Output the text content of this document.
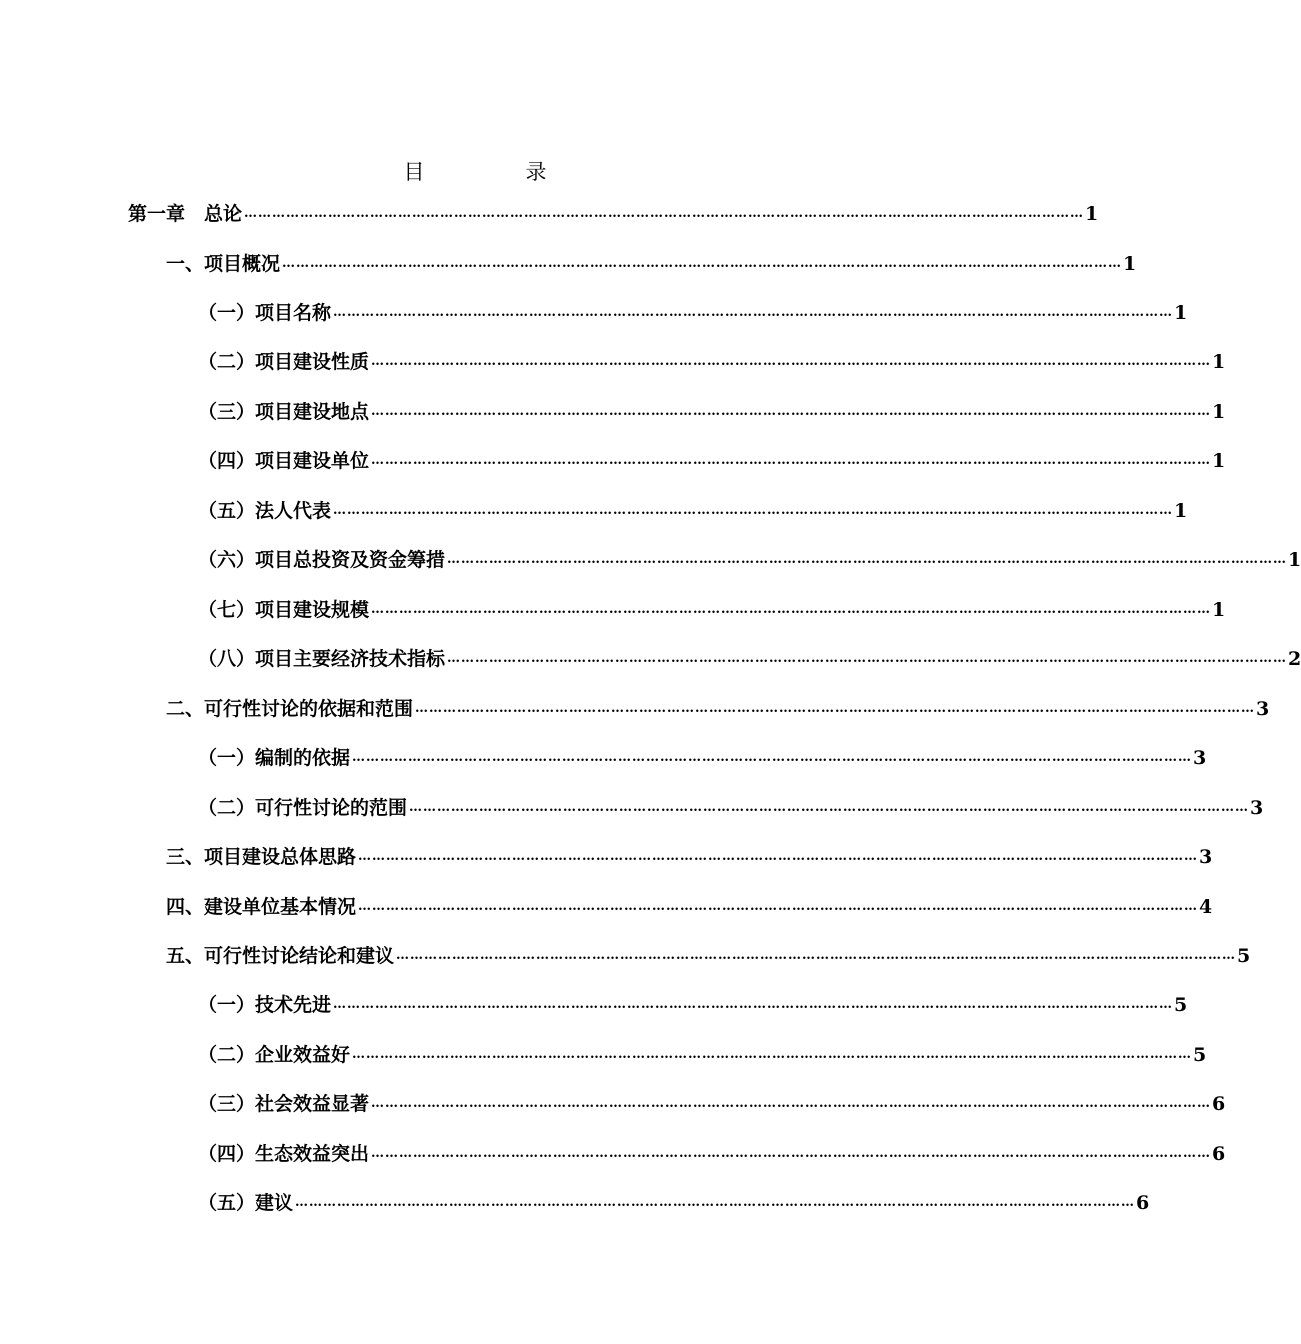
目　录
第一章　总论 ……………………………………………………………………………………………………………………………………………………………… 1
一、项目概况 ……………………………………………………………………………………………………………………………………………………………… 1
（一）项目名称 ……………………………………………………………………………………………………………………………………………………………… 1
（二）项目建设性质 ……………………………………………………………………………………………………………………………………………………………… 1
（三）项目建设地点 ……………………………………………………………………………………………………………………………………………………………… 1
（四）项目建设单位 ……………………………………………………………………………………………………………………………………………………………… 1
（五）法人代表 ……………………………………………………………………………………………………………………………………………………………… 1
（六）项目总投资及资金筹措 ……………………………………………………………………………………………………………………………………………………………… 1
（七）项目建设规模 ……………………………………………………………………………………………………………………………………………………………… 1
（八）项目主要经济技术指标 ……………………………………………………………………………………………………………………………………………………………… 2
二、可行性讨论的依据和范围 ……………………………………………………………………………………………………………………………………………………………… 3
（一）编制的依据 ……………………………………………………………………………………………………………………………………………………………… 3
（二）可行性讨论的范围 ……………………………………………………………………………………………………………………………………………………………… 3
三、项目建设总体思路 ……………………………………………………………………………………………………………………………………………………………… 3
四、建设单位基本情况 ……………………………………………………………………………………………………………………………………………………………… 4
五、可行性讨论结论和建议 ……………………………………………………………………………………………………………………………………………………………… 5
（一）技术先进 ……………………………………………………………………………………………………………………………………………………………… 5
（二）企业效益好 ……………………………………………………………………………………………………………………………………………………………… 5
（三）社会效益显著 ……………………………………………………………………………………………………………………………………………………………… 6
（四）生态效益突出 ……………………………………………………………………………………………………………………………………………………………… 6
（五）建议 ……………………………………………………………………………………………………………………………………………………………… 6
